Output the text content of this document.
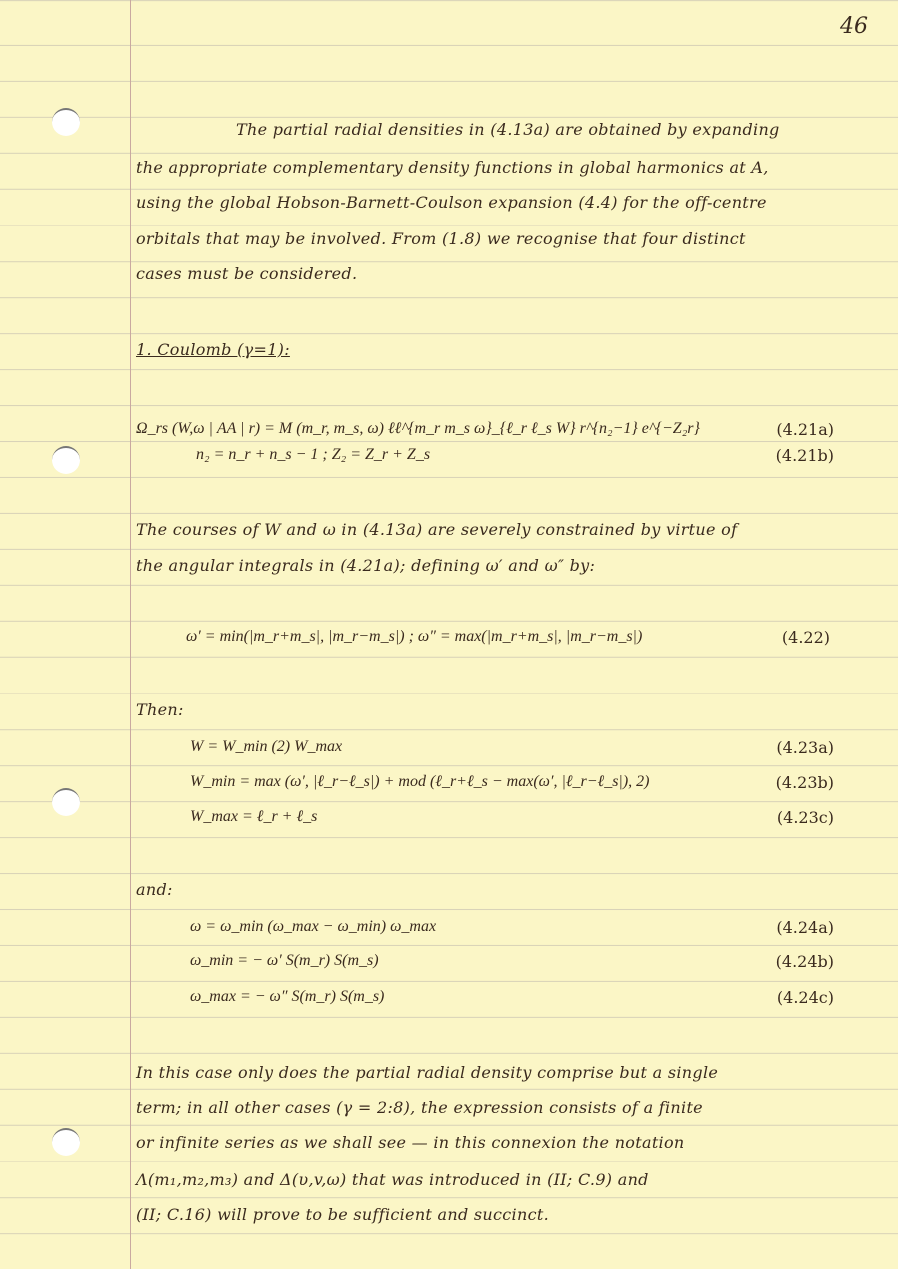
46
The partial radial densities in (4.13a) are obtained by expanding
the appropriate complementary density functions in global harmonics at A,
using the global Hobson-Barnett-Coulson expansion (4.4) for the off-centre
orbitals that may be involved. From (1.8) we recognise that four distinct
cases must be considered.
1. Coulomb (γ=1):
Ω_rs (W,ω | AA | r) = M (m_r, m_s, ω) ℓℓ^{m_r m_s ω}_{ℓ_r ℓ_s W} r^{n₂−1} e^{−Z₂r}	(4.21a)
n₂ = n_r + n_s − 1 ; Z₂ = Z_r + Z_s	(4.21b)
The courses of W and ω in (4.13a) are severely constrained by virtue of
the angular integrals in (4.21a); defining ω′ and ω″ by:
ω′ = min(|m_r+m_s|, |m_r−m_s|) ; ω″ = max(|m_r+m_s|, |m_r−m_s|)	(4.22)
Then:
W = W_min (2) W_max	(4.23a)
W_min = max (ω′, |ℓ_r−ℓ_s|) + mod (ℓ_r+ℓ_s − max(ω′, |ℓ_r−ℓ_s|), 2)	(4.23b)
W_max = ℓ_r + ℓ_s	(4.23c)
and:
ω = ω_min (ω_max − ω_min) ω_max	(4.24a)
ω_min = − ω′ S(m_r) S(m_s)	(4.24b)
ω_max = − ω″ S(m_r) S(m_s)	(4.24c)
In this case only does the partial radial density comprise but a single
term; in all other cases (γ = 2:8), the expression consists of a finite
or infinite series as we shall see — in this connexion the notation
Λ(m₁,m₂,m₃) and Δ(υ,v,ω) that was introduced in (II; C.9) and
(II; C.16) will prove to be sufficient and succinct.
